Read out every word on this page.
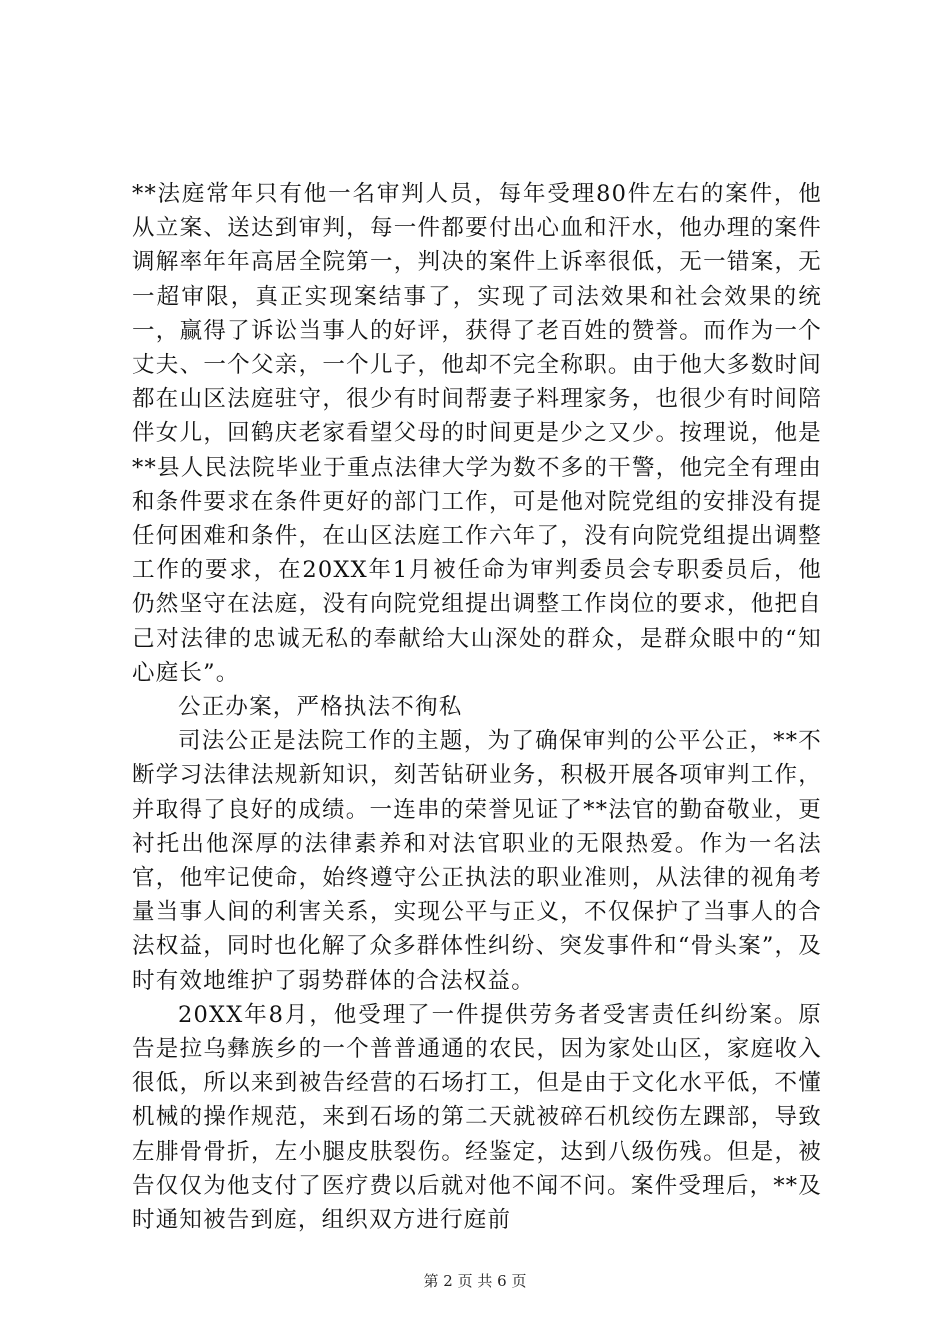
**法庭常年只有他一名审判人员，每年受理80件左右的案件，他从立案、送达到审判，每一件都要付出心血和汗水，他办理的案件调解率年年高居全院第一，判决的案件上诉率很低，无一错案，无一超审限，真正实现案结事了，实现了司法效果和社会效果的统一，赢得了诉讼当事人的好评，获得了老百姓的赞誉。而作为一个丈夫、一个父亲，一个儿子，他却不完全称职。由于他大多数时间都在山区法庭驻守，很少有时间帮妻子料理家务，也很少有时间陪伴女儿，回鹤庆老家看望父母的时间更是少之又少。按理说，他是**县人民法院毕业于重点法律大学为数不多的干警，他完全有理由和条件要求在条件更好的部门工作，可是他对院党组的安排没有提任何困难和条件，在山区法庭工作六年了，没有向院党组提出调整工作的要求，在20XX年1月被任命为审判委员会专职委员后，他仍然坚守在法庭，没有向院党组提出调整工作岗位的要求，他把自己对法律的忠诚无私的奉献给大山深处的群众，是群众眼中的“知心庭长”。

公正办案，严格执法不徇私

司法公正是法院工作的主题，为了确保审判的公平公正，**不断学习法律法规新知识，刻苦钻研业务，积极开展各项审判工作，并取得了良好的成绩。一连串的荣誉见证了**法官的勤奋敬业，更衬托出他深厚的法律素养和对法官职业的无限热爱。作为一名法官，他牢记使命，始终遵守公正执法的职业准则，从法律的视角考量当事人间的利害关系，实现公平与正义，不仅保护了当事人的合法权益，同时也化解了众多群体性纠纷、突发事件和“骨头案”，及时有效地维护了弱势群体的合法权益。

20XX年8月，他受理了一件提供劳务者受害责任纠纷案。原告是拉乌彝族乡的一个普普通通的农民，因为家处山区，家庭收入很低，所以来到被告经营的石场打工，但是由于文化水平低，不懂机械的操作规范，来到石场的第二天就被碎石机绞伤左踝部，导致左腓骨骨折，左小腿皮肤裂伤。经鉴定，达到八级伤残。但是，被告仅仅为他支付了医疗费以后就对他不闻不问。案件受理后，**及时通知被告到庭，组织双方进行庭前

第 2 页 共 6 页
